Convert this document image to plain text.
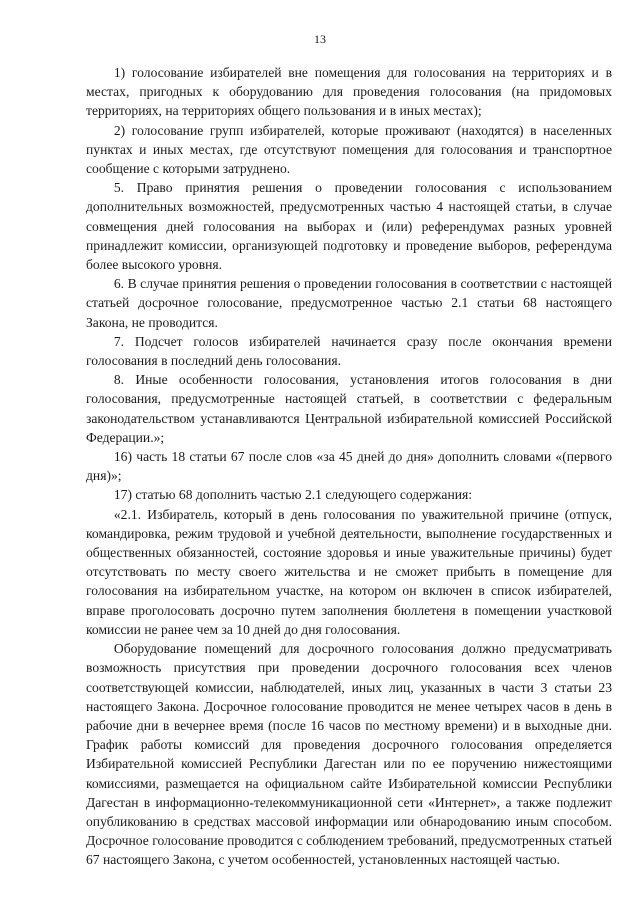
13

1) голосование избирателей вне помещения для голосования на территориях и в местах, пригодных к оборудованию для проведения голосования (на придомовых территориях, на территориях общего пользования и в иных местах);

2) голосование групп избирателей, которые проживают (находятся) в населенных пунктах и иных местах, где отсутствуют помещения для голосования и транспортное сообщение с которыми затруднено.

5. Право принятия решения о проведении голосования с использованием дополнительных возможностей, предусмотренных частью 4 настоящей статьи, в случае совмещения дней голосования на выборах и (или) референдумах разных уровней принадлежит комиссии, организующей подготовку и проведение выборов, референдума более высокого уровня.

6. В случае принятия решения о проведении голосования в соответствии с настоящей статьей досрочное голосование, предусмотренное частью 2.1 статьи 68 настоящего Закона, не проводится.

7. Подсчет голосов избирателей начинается сразу после окончания времени голосования в последний день голосования.

8. Иные особенности голосования, установления итогов голосования в дни голосования, предусмотренные настоящей статьей, в соответствии с федеральным законодательством устанавливаются Центральной избирательной комиссией Российской Федерации.»;

16) часть 18 статьи 67 после слов «за 45 дней до дня» дополнить словами «(первого дня)»;

17) статью 68 дополнить частью 2.1 следующего содержания:

«2.1. Избиратель, который в день голосования по уважительной причине (отпуск, командировка, режим трудовой и учебной деятельности, выполнение государственных и общественных обязанностей, состояние здоровья и иные уважительные причины) будет отсутствовать по месту своего жительства и не сможет прибыть в помещение для голосования на избирательном участке, на котором он включен в список избирателей, вправе проголосовать досрочно путем заполнения бюллетеня в помещении участковой комиссии не ранее чем за 10 дней до дня голосования.

Оборудование помещений для досрочного голосования должно предусматривать возможность присутствия при проведении досрочного голосования всех членов соответствующей комиссии, наблюдателей, иных лиц, указанных в части 3 статьи 23 настоящего Закона. Досрочное голосование проводится не менее четырех часов в день в рабочие дни в вечернее время (после 16 часов по местному времени) и в выходные дни. График работы комиссий для проведения досрочного голосования определяется Избирательной комиссией Республики Дагестан или по ее поручению нижестоящими комиссиями, размещается на официальном сайте Избирательной комиссии Республики Дагестан в информационно-телекоммуникационной сети «Интернет», а также подлежит опубликованию в средствах массовой информации или обнародованию иным способом. Досрочное голосование проводится с соблюдением требований, предусмотренных статьей 67 настоящего Закона, с учетом особенностей, установленных настоящей частью.
